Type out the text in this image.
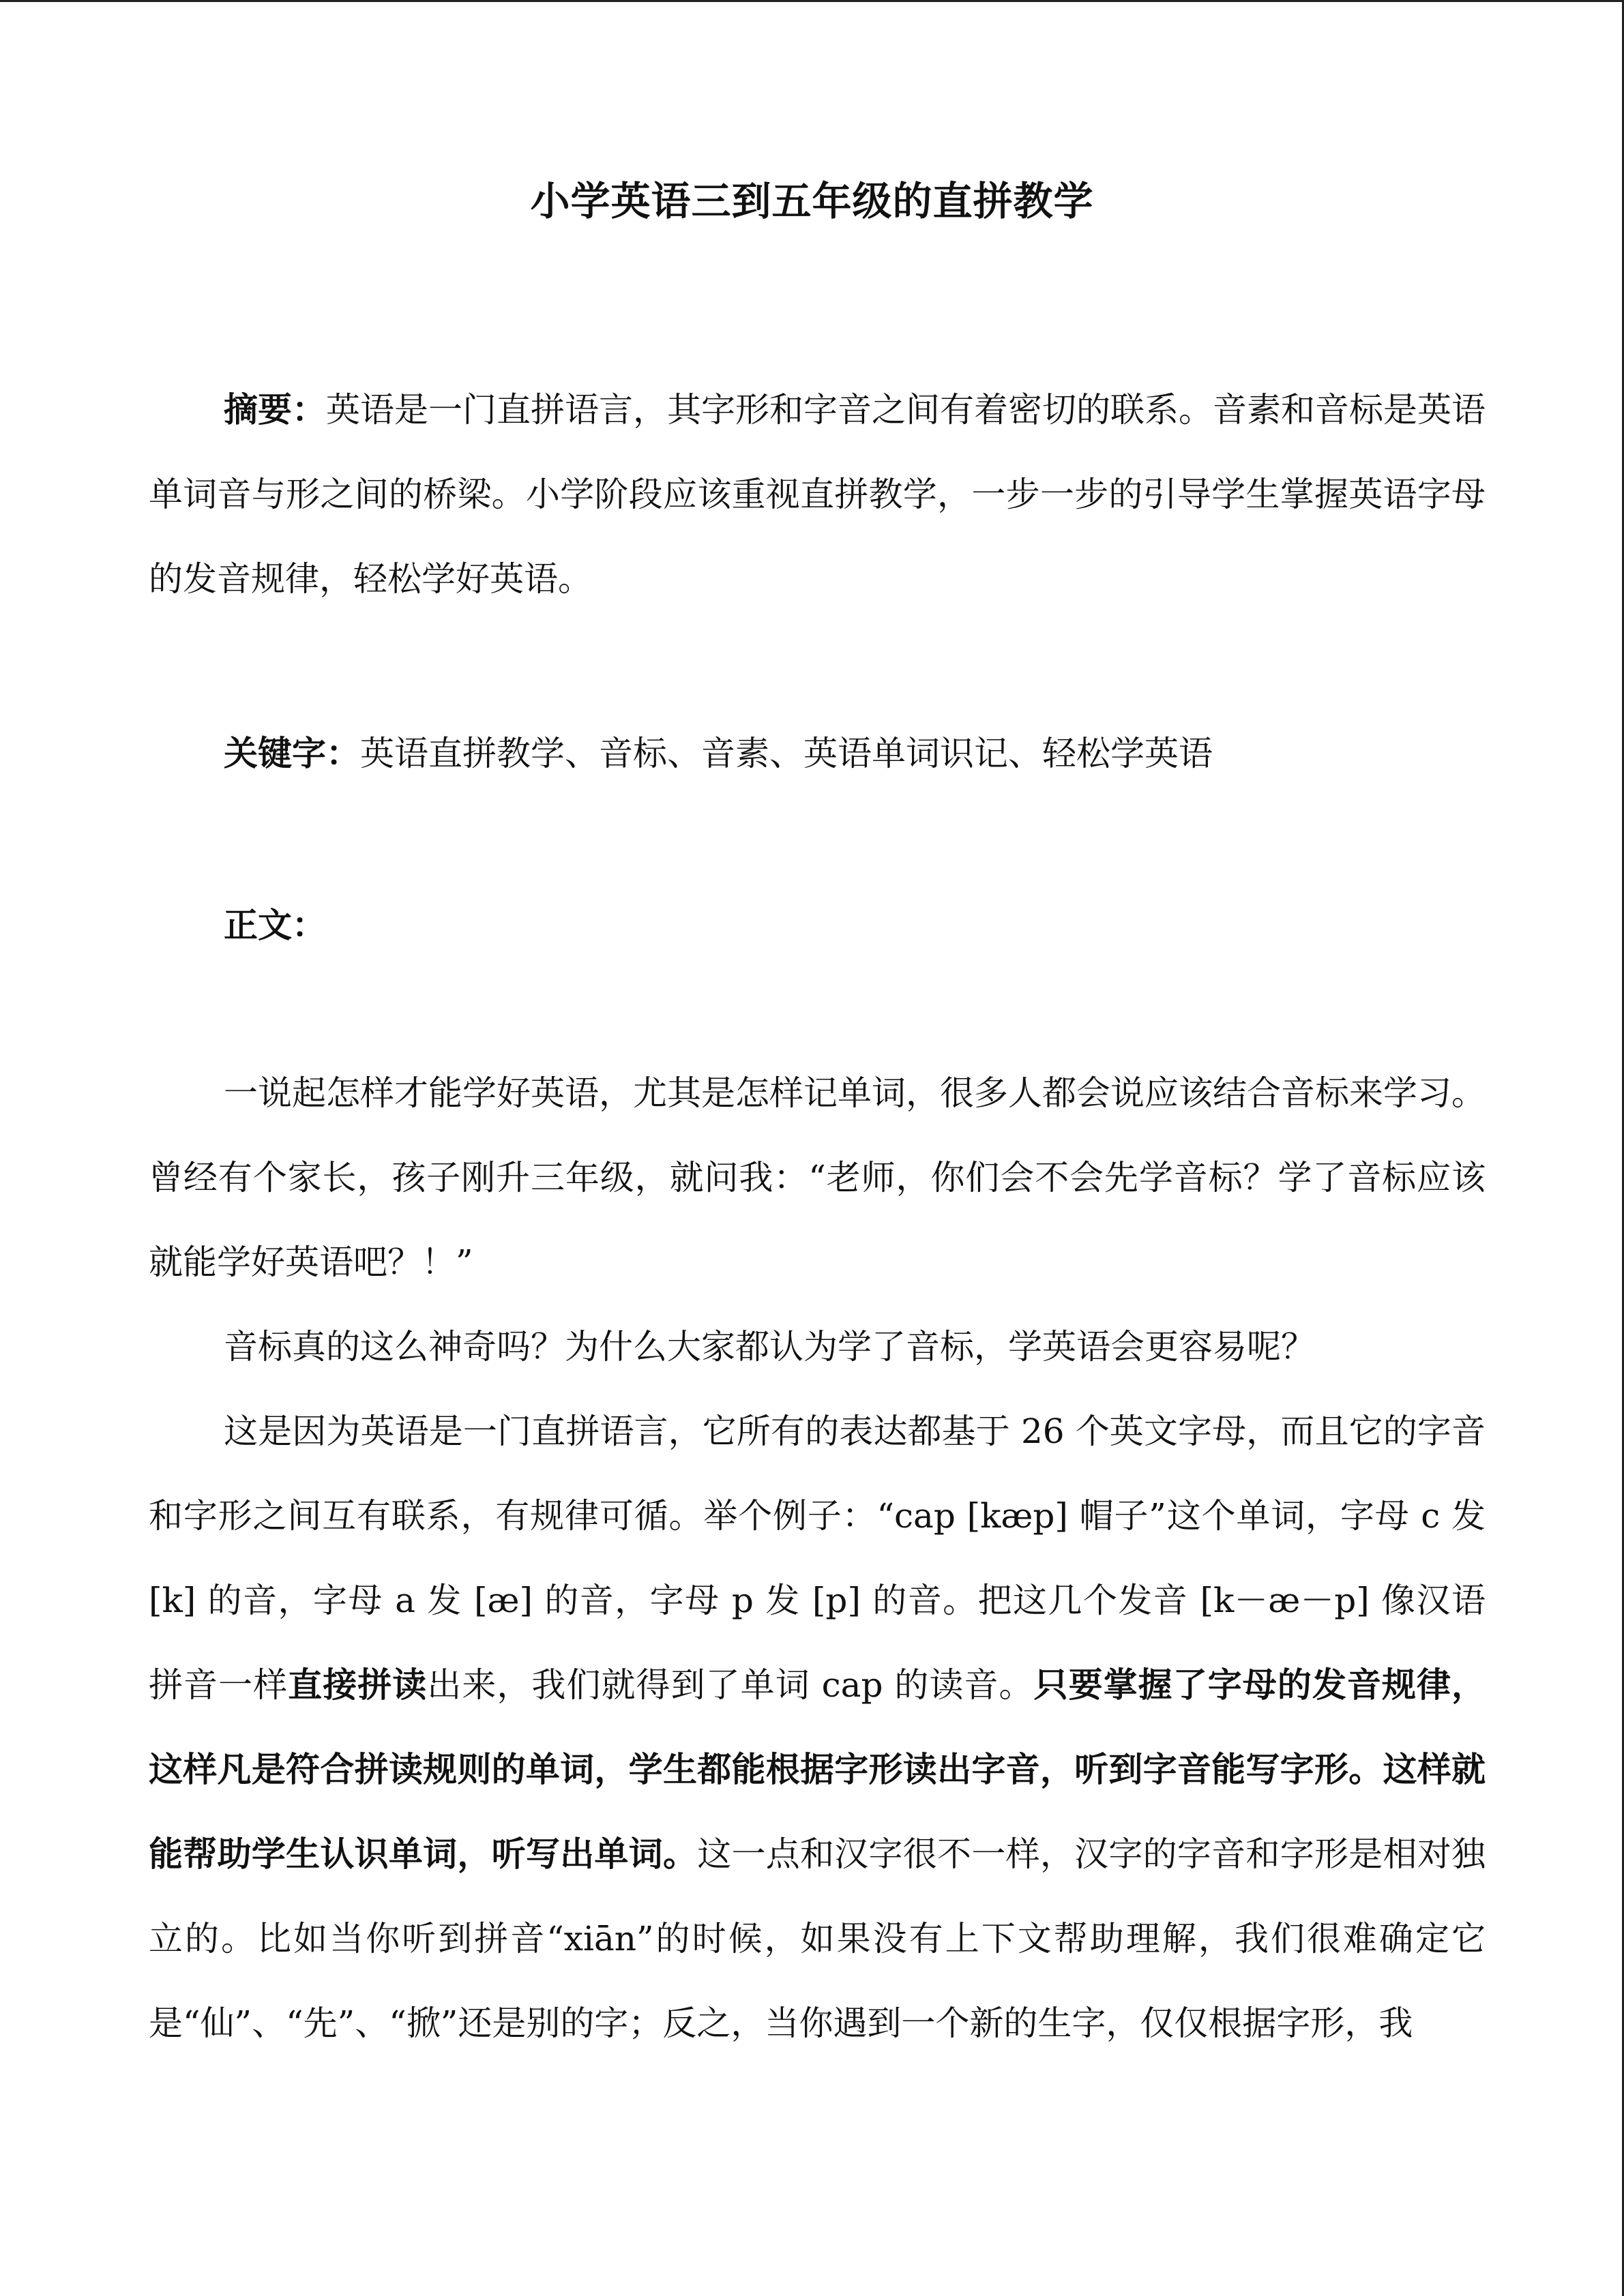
小学英语三到五年级的直拼教学

摘要：英语是一门直拼语言，其字形和字音之间有着密切的联系。音素和音标是英语单词音与形之间的桥梁。小学阶段应该重视直拼教学，一步一步的引导学生掌握英语字母的发音规律，轻松学好英语。

关键字：英语直拼教学、音标、音素、英语单词识记、轻松学英语

正文：

一说起怎样才能学好英语，尤其是怎样记单词，很多人都会说应该结合音标来学习。曾经有个家长，孩子刚升三年级，就问我：“老师，你们会不会先学音标？学了音标应该就能学好英语吧？！”

音标真的这么神奇吗？为什么大家都认为学了音标，学英语会更容易呢？

这是因为英语是一门直拼语言，它所有的表达都基于 26 个英文字母，而且它的字音和字形之间互有联系，有规律可循。举个例子：“cap [kæp] 帽子”这个单词，字母 c 发 [k] 的音，字母 a 发 [æ] 的音，字母 p 发 [p] 的音。把这几个发音 [k－æ－p] 像汉语拼音一样直接拼读出来，我们就得到了单词 cap 的读音。只要掌握了字母的发音规律，这样凡是符合拼读规则的单词，学生都能根据字形读出字音，听到字音能写字形。这样就能帮助学生认识单词，听写出单词。这一点和汉字很不一样，汉字的字音和字形是相对独立的。比如当你听到拼音“xiān”的时候，如果没有上下文帮助理解，我们很难确定它是“仙”、“先”、“掀”还是别的字；反之，当你遇到一个新的生字，仅仅根据字形，我
